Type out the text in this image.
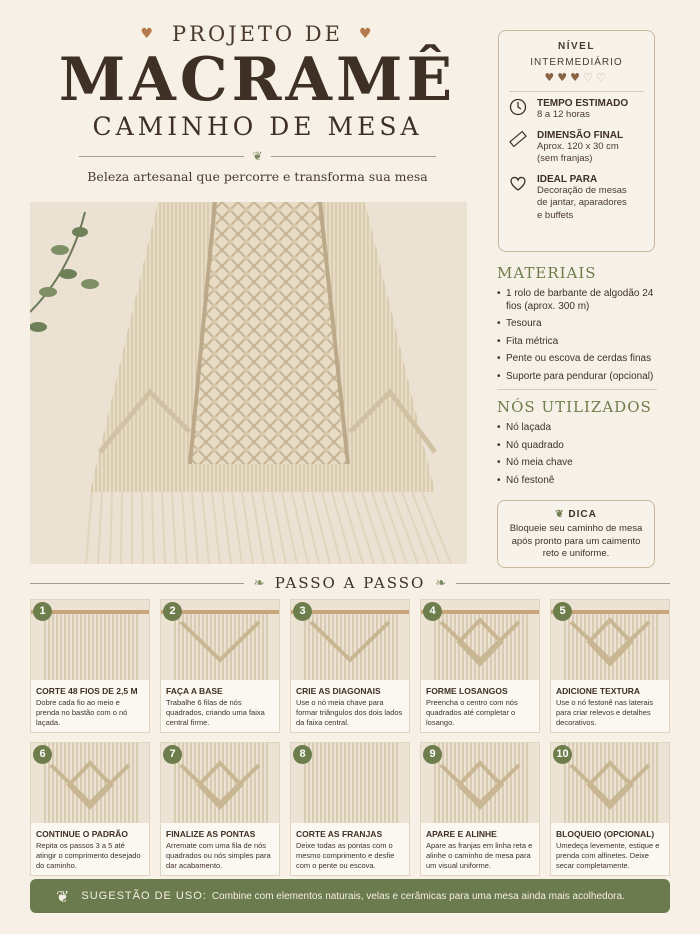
♥ PROJETO DE ♥
MACRAMÊ
CAMINHO DE MESA
❦
Beleza artesanal que percorre e transforma sua mesa
NÍVEL
INTERMEDIÁRIO
♥♥♥♡♡
TEMPO ESTIMADO
8 a 12 horas
DIMENSÃO FINAL
Aprox. 120 x 30 cm
(sem franjas)
IDEAL PARA
Decoração de mesas
de jantar, aparadores
e buffets
MATERIAIS
• 1 rolo de barbante de algodão 24 fios (aprox. 300 m)
• Tesoura
• Fita métrica
• Pente ou escova de cerdas finas
• Suporte para pendurar (opcional)
NÓS UTILIZADOS
• Nó laçada
• Nó quadrado
• Nó meia chave
• Nó festonê
❦ DICA
Bloqueie seu caminho de mesa após pronto para um caimento reto e uniforme.
❧ PASSO A PASSO ❧
1
CORTE 48 FIOS DE 2,5 M
Dobre cada fio ao meio e prenda no bastão com o nó laçada.
2
FAÇA A BASE
Trabalhe 6 filas de nós quadrados, criando uma faixa central firme.
3
CRIE AS DIAGONAIS
Use o nó meia chave para formar triângulos dos dois lados da faixa central.
4
FORME LOSANGOS
Preencha o centro com nós quadrados até completar o losango.
5
ADICIONE TEXTURA
Use o nó festonê nas laterais para criar relevos e detalhes decorativos.
6
CONTINUE O PADRÃO
Repita os passos 3 a 5 até atingir o comprimento desejado do caminho.
7
FINALIZE AS PONTAS
Arremate com uma fila de nós quadrados ou nós simples para dar acabamento.
8
CORTE AS FRANJAS
Deixe todas as pontas com o mesmo comprimento e desfie com o pente ou escova.
9
APARE E ALINHE
Apare as franjas em linha reta e alinhe o caminho de mesa para um visual uniforme.
10
BLOQUEIO (OPCIONAL)
Umedeça levemente, estique e prenda com alfinetes. Deixe secar completamente.
❦ SUGESTÃO DE USO: Combine com elementos naturais, velas e cerâmicas para uma mesa ainda mais acolhedora.
